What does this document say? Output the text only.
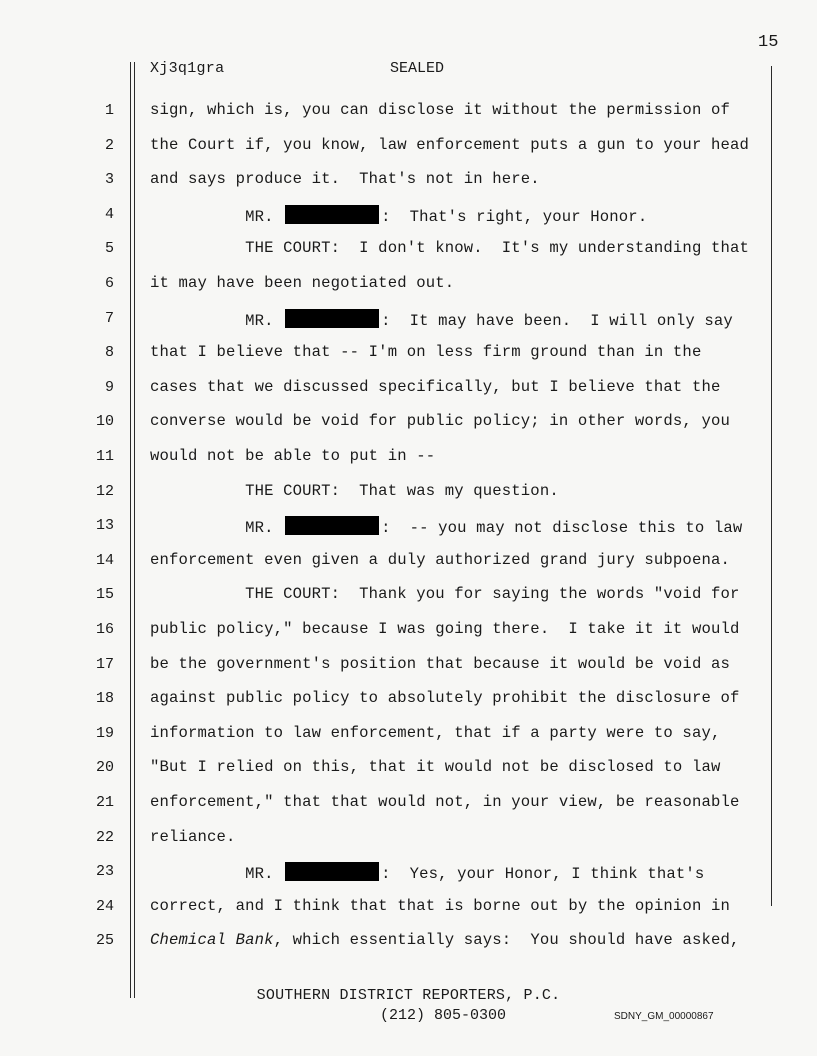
15
Xj3q1gra	SEALED
1 sign, which is, you can disclose it without the permission of
2 the Court if, you know, law enforcement puts a gun to your head
3 and says produce it.  That's not in here.
4 MR.	:  That's right, your Honor.
5 THE COURT:  I don't know.  It's my understanding that
6 it may have been negotiated out.
7 MR.	:  It may have been.  I will only say
8 that I believe that -- I'm on less firm ground than in the
9 cases that we discussed specifically, but I believe that the
10 converse would be void for public policy; in other words, you
11 would not be able to put in --
12 THE COURT:  That was my question.
13 MR.	:  -- you may not disclose this to law
14 enforcement even given a duly authorized grand jury subpoena.
15 THE COURT:  Thank you for saying the words "void for
16 public policy," because I was going there.  I take it it would
17 be the government's position that because it would be void as
18 against public policy to absolutely prohibit the disclosure of
19 information to law enforcement, that if a party were to say,
20 "But I relied on this, that it would not be disclosed to law
21 enforcement," that that would not, in your view, be reasonable
22 reliance.
23 MR.	:  Yes, your Honor, I think that's
24 correct, and I think that that is borne out by the opinion in
25 Chemical Bank, which essentially says:  You should have asked,
SOUTHERN DISTRICT REPORTERS, P.C.
(212) 805-0300	SDNY_GM_00000867
